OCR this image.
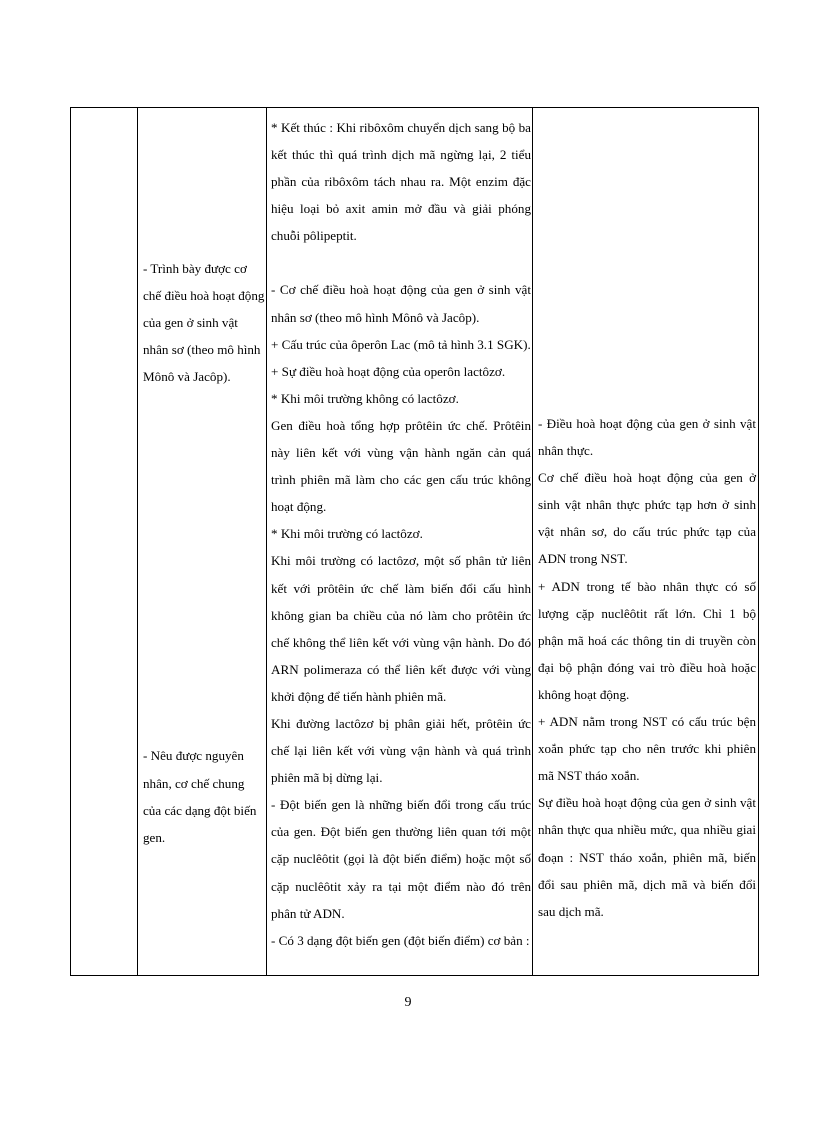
- Trình bày được cơ chế điều hoà hoạt động của gen ở sinh vật nhân sơ (theo mô hình Mônô và Jacôp).

- Nêu được nguyên nhân, cơ chế chung của các dạng đột biến gen.

* Kết thúc : Khi ribôxôm chuyển dịch sang bộ ba kết thúc thì quá trình dịch mã ngừng lại, 2 tiểu phần của ribôxôm tách nhau ra. Một enzim đặc hiệu loại bỏ axit amin mở đầu và giải phóng chuỗi pôlipeptit.

- Cơ chế điều hoà hoạt động của gen ở sinh vật nhân sơ (theo mô hình Mônô và Jacôp).

+ Cấu trúc của ôperôn Lac (mô tả hình 3.1 SGK).

+ Sự điều hoà hoạt động của operôn lactôzơ.

* Khi môi trường không có lactôzơ.

Gen điều hoà tổng hợp prôtêin ức chế. Prôtêin này liên kết với vùng vận hành ngăn cản quá trình phiên mã làm cho các gen cấu trúc không hoạt động.

* Khi môi trường có lactôzơ.

Khi môi trường có lactôzơ, một số phân tử liên kết với prôtêin ức chế làm biến đổi cấu hình không gian ba chiều của nó làm cho prôtêin ức chế không thể liên kết với vùng vận hành. Do đó ARN polimeraza có thể liên kết được với vùng khởi động để tiến hành phiên mã.

Khi đường lactôzơ bị phân giải hết, prôtêin ức chế lại liên kết với vùng vận hành và quá trình phiên mã bị dừng lại.

- Đột biến gen là những biến đổi trong cấu trúc của gen. Đột biến gen thường liên quan tới một cặp nuclêôtit (gọi là đột biến điểm) hoặc một số cặp nuclêôtit xảy ra tại một điểm nào đó trên phân tử ADN.

- Có 3 dạng đột biến gen (đột biến điểm) cơ bản :

- Điều hoà hoạt động của gen ở sinh vật nhân thực.

Cơ chế điều hoà hoạt động của gen ở sinh vật nhân thực phức tạp hơn ở sinh vật nhân sơ, do cấu trúc phức tạp của ADN trong NST.

+ ADN trong tế bào nhân thực có số lượng cặp nuclêôtit rất lớn. Chỉ 1 bộ phận mã hoá các thông tin di truyền còn đại bộ phận đóng vai trò điều hoà hoặc không hoạt động.

+ ADN nằm trong NST có cấu trúc bện xoắn phức tạp cho nên trước khi phiên mã NST tháo xoắn.

Sự điều hoà hoạt động của gen ở sinh vật nhân thực qua nhiều mức, qua nhiều giai đoạn : NST tháo xoắn, phiên mã, biến đổi sau phiên mã, dịch mã và biến đổi sau dịch mã.

9
